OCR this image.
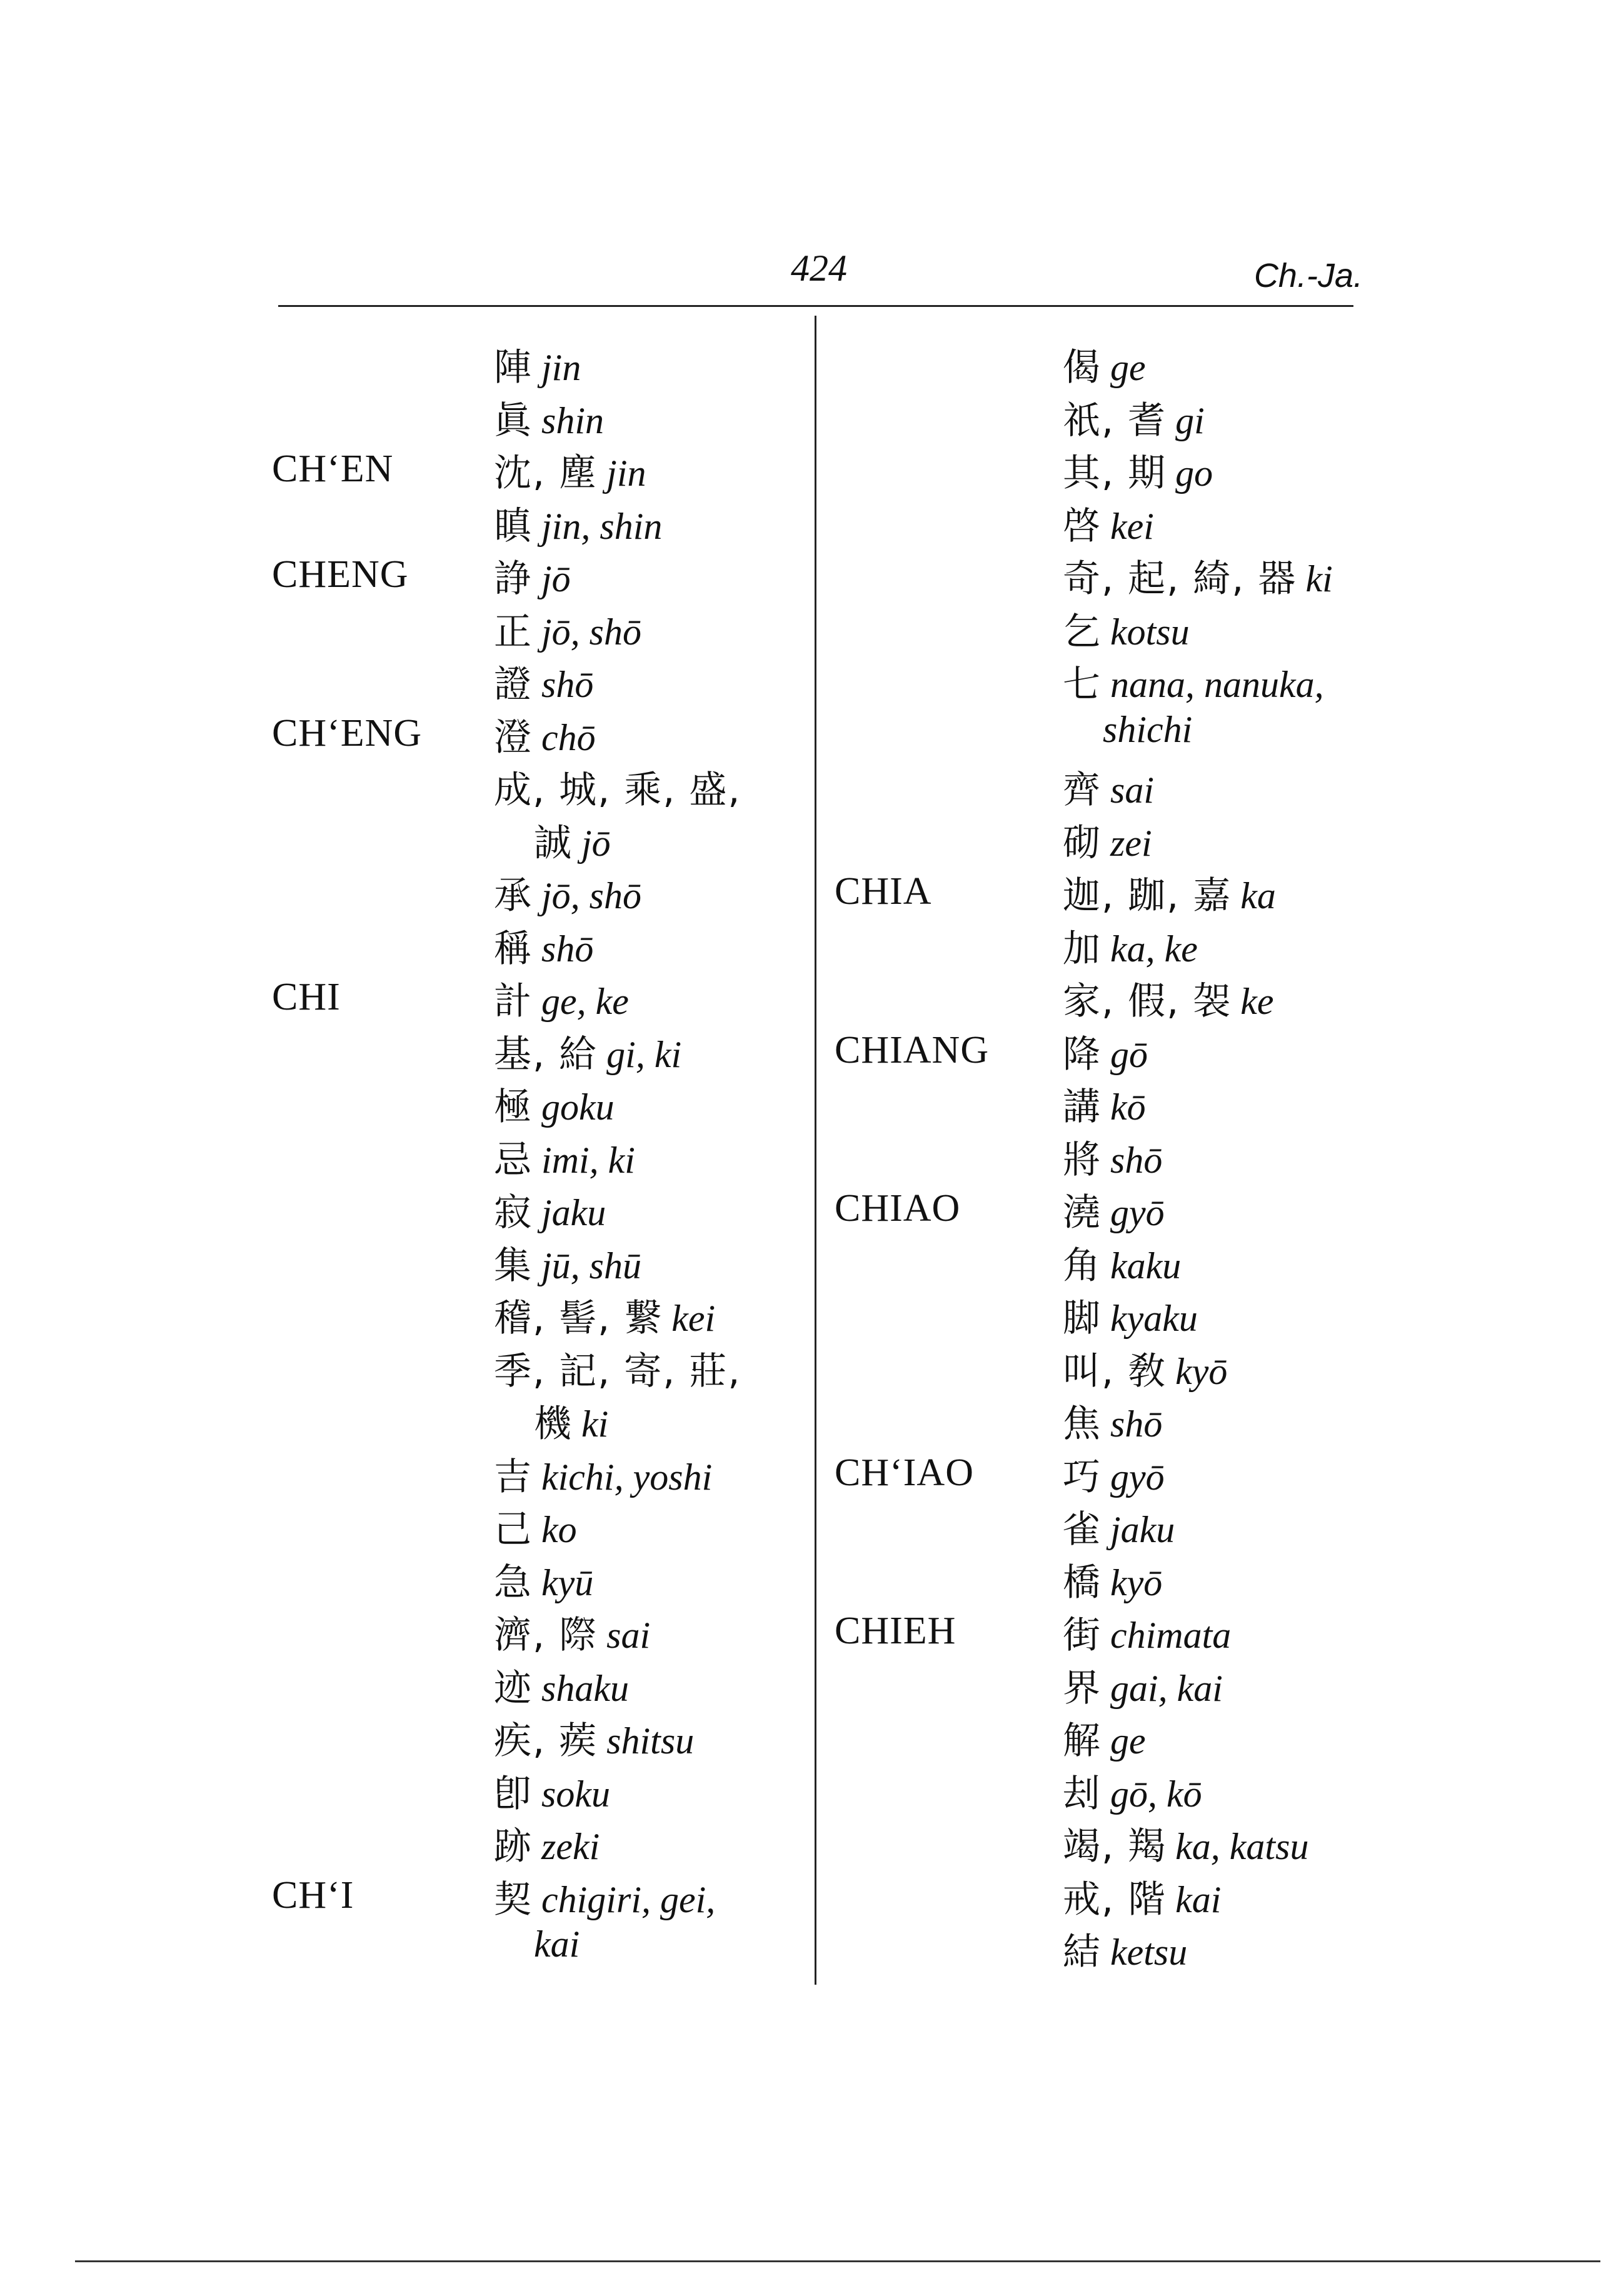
424	Ch.-Ja.
陣 jin
眞 shin
CH‘EN	沈, 塵 jin
瞋 jin, shin
CHENG 諍 jō
正 jō, shō
證 shō
CH‘ENG 澄 chō
成, 城, 乘, 盛,
誠 jō
承 jō, shō
稱 shō
CHI	計 ge, ke
基, 給 gi, ki
極 goku
忌 imi, ki
寂 jaku
集 jū, shū
稽, 髻, 繋 kei
季, 記, 寄, 莊,
機 ki
吉 kichi, yoshi
己 ko
急 kyū
濟, 際 sai
迹 shaku
疾, 蒺 shitsu
卽 soku
跡 zeki
CH‘I	契 chigiri, gei,
kai
偈 ge
祇, 耆 gi
其, 期 go
啓 kei
奇, 起, 綺, 器 ki
乞 kotsu
七 nana, nanuka,
shichi
齊 sai
砌 zei
CHIA	迦, 跏, 嘉 ka
加 ka, ke
家, 假, 袈 ke
CHIANG 降 gō
講 kō
將 shō
CHIAO	澆 gyō
角 kaku
脚 kyaku
叫, 敎 kyō
焦 shō
CH‘IAO 巧 gyō
雀 jaku
橋 kyō
CHIEH	街 chimata
界 gai, kai
解 ge
刦 gō, kō
竭, 羯 ka, katsu
戒, 階 kai
結 ketsu
